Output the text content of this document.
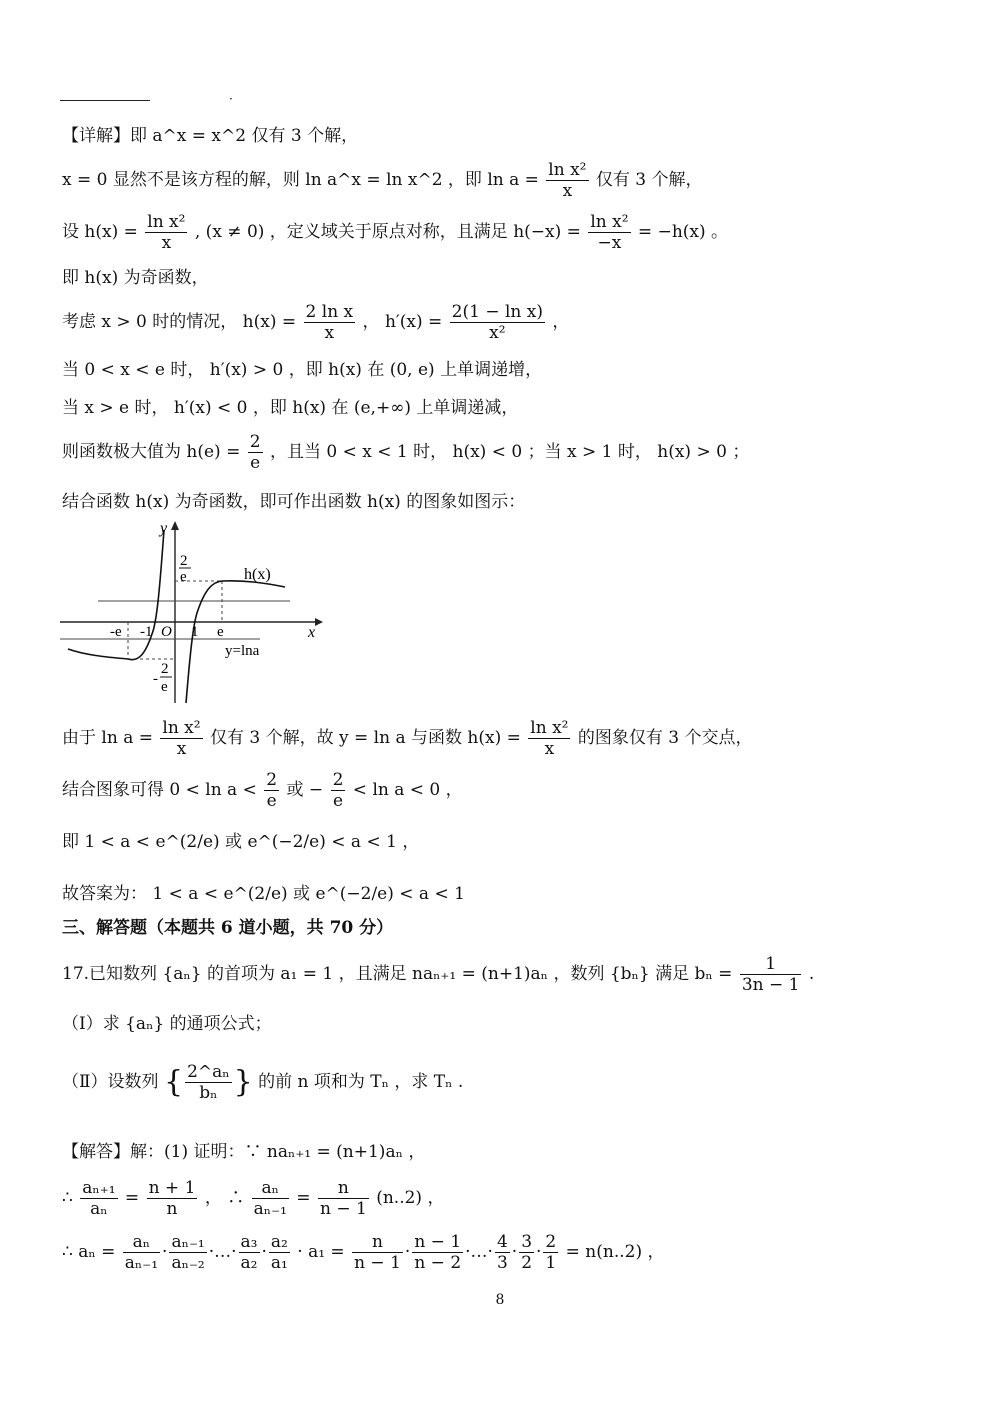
·
【详解】即 a^x = x^2 仅有 3 个解，
x = 0 显然不是该方程的解，则 ln a^x = ln x^2 ，即 $\ln a = \frac{\text{ln x²}}{x}$ 仅有 3 个解，
设 $h(x) = \frac{\text{ln x²}}{x}$ , (x ≠ 0) ，定义域关于原点对称，且满足 $h(-x) = \frac{\text{ln x²}}{-x} = -h(x)$ 。
即 h(x) 为奇函数，
考虑 x > 0 时的情况， $h(x) = \frac{\text{2 ln x}}{x}$ ， $h'(x) = \frac{\text{2(1 − ln x)}}{\text{x²}}$ ，
当 0 < x < e 时， h′(x) > 0 ，即 h(x) 在 (0, e) 上单调递增，
当 x > e 时， h′(x) < 0 ，即 h(x) 在 (e,+∞) 上单调递减，
则函数极大值为 $h(e) = \frac{2}{e}$ ，且当 0 < x < 1 时， h(x) < 0 ；当 x > 1 时， h(x) > 0 ；
结合函数 h(x) 为奇函数，即可作出函数 h(x) 的图象如图示：
y
x
h(x)
y=lna
2
e
-
2
e
-e -1 O 1 e
由于 $\ln a = \frac{\text{ln x²}}{x}$ 仅有 3 个解，故 y = ln a 与函数 $h(x) = \frac{\text{ln x²}}{x}$ 的图象仅有 3 个交点，
结合图象可得 $0 < \ln a < \frac{2}{e}$ 或 − $\frac{2}{e} < \ln a < 0$ ，
即 1 < a < e^(2/e) 或 e^(−2/e) < a < 1 ，
故答案为： 1 < a < e^(2/e) 或 e^(−2/e) < a < 1
三、解答题（本题共 6 道小题，共 70 分）
17.已知数列 {aₙ} 的首项为 a₁ = 1 ，且满足 naₙ₊₁ = (n+1)aₙ ，数列 {bₙ} 满足 $b_n = \frac{1}{3n - 1}$ .
（Ⅰ）求 {aₙ} 的通项公式；
（Ⅱ）设数列 { $\frac{\text{2\textasciicircum{}aₙ}}{\text{bₙ}}$ } 的前 n 项和为 Tₙ ，求 Tₙ .
【解答】解：(1) 证明：∵ naₙ₊₁ = (n+1)aₙ ，
∴ $\frac{\text{aₙ₊₁}}{\text{aₙ}} = \frac{n + 1}{n}$ ， ∴ $\frac{\text{aₙ}}{\text{aₙ₋₁}} = \frac{n}{n - 1} (n..2)$ ，
∴ $a_n = \frac{\text{aₙ}}{\text{aₙ₋₁}} \cdot \frac{\text{aₙ₋₁}}{\text{aₙ₋₂}}$ ·…· $\frac{\text{a₃}}{\text{a₂}} \cdot \frac{\text{a₂}}{\text{a₁}} \cdot a_1 = \frac{n}{n - 1} \cdot \frac{n - 1}{n - 2}$ ·…· $\frac{4}{3} \cdot \frac{3}{2} \cdot \frac{2}{1} = n(n..2)$ ，
8
